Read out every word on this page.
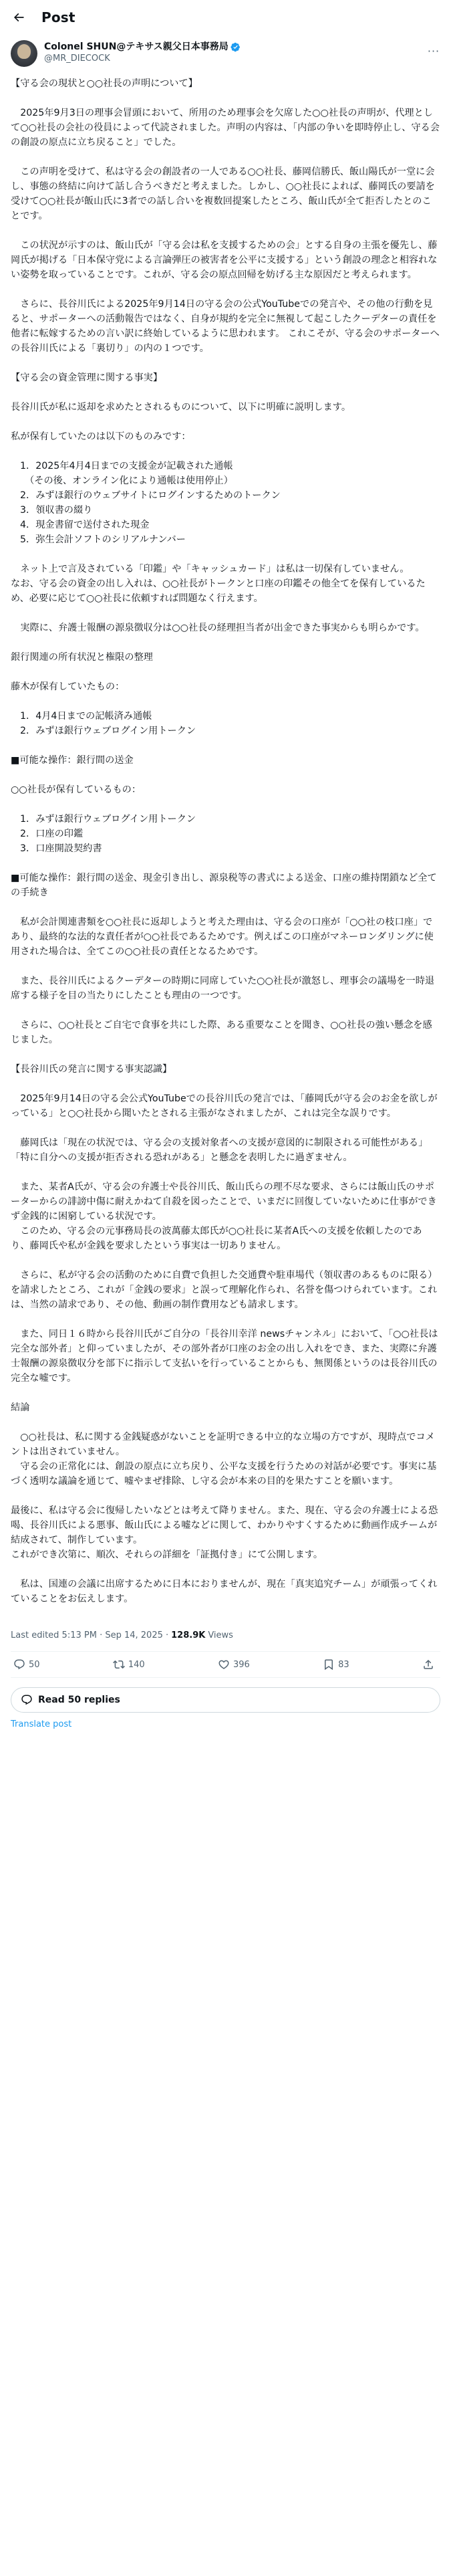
Post
Colonel SHUN@テキサス親父日本事務局
@MR_DIECOCK
···

【守る会の現状と○○社長の声明について】

　2025年9月3日の理事会冒頭において、所用のため理事会を欠席した○○社長の声明が、代理として○○社長の会社の役員によって代読されました。声明の内容は、「内部の争いを即時停止し、守る会の創設の原点に立ち戻ること」でした。

　この声明を受けて、私は守る会の創設者の一人である○○社長、藤岡信勝氏、飯山陽氏が一堂に会し、事態の終結に向けて話し合うべきだと考えました。しかし、○○社長によれば、藤岡氏の要請を受けて○○社長が飯山氏に3者での話し合いを複数回提案したところ、飯山氏が全て拒否したとのことです。

　この状況が示すのは、飯山氏が「守る会は私を支援するための会」とする自身の主張を優先し、藤岡氏が掲げる「日本保守党による言論弾圧の被害者を公平に支援する」という創設の理念と相容れない姿勢を取っていることです。これが、守る会の原点回帰を妨げる主な原因だと考えられます。

　さらに、長谷川氏による2025年9月14日の守る会の公式YouTubeでの発言や、その他の行動を見ると、サポーターへの活動報告ではなく、自身が規約を完全に無視して起こしたクーデターの責任を他者に転嫁するための言い訳に終始しているように思われます。 これこそが、守る会のサポーターへの長谷川氏による「裏切り」の内の１つです。

【守る会の資金管理に関する事実】

長谷川氏が私に返却を求めたとされるものについて、以下に明確に説明します。

私が保有していたのは以下のものみです：

1．2025年4月4日までの支援金が記載された通帳
　（その後、オンライン化により通帳は使用停止）
2．みずほ銀行のウェブサイトにログインするためのトークン
3．領収書の綴り
4．現金書留で送付された現金
5．弥生会計ソフトのシリアルナンバー

　ネット上で言及されている「印鑑」や「キャッシュカード」は私は一切保有していません。
なお、守る会の資金の出し入れは、○○社長がトークンと口座の印鑑その他全てを保有しているため、必要に応じて○○社長に依頼すれば問題なく行えます。

　実際に、弁護士報酬の源泉徴収分は○○社長の経理担当者が出金できた事実からも明らかです。

銀行関連の所有状況と権限の整理

藤木が保有していたもの：

1．4月4日までの記帳済み通帳
2．みずほ銀行ウェブログイン用トークン

■可能な操作：銀行間の送金

○○社長が保有しているもの：

1．みずほ銀行ウェブログイン用トークン
2．口座の印鑑
3．口座開設契約書

■可能な操作：銀行間の送金、現金引き出し、源泉税等の書式による送金、口座の維持閉鎖など全ての手続き

　私が会計関連書類を○○社長に返却しようと考えた理由は、守る会の口座が「○○社の枝口座」であり、最終的な法的な責任者が○○社長であるためです。例えばこの口座がマネーロンダリングに使用された場合は、全てこの○○社長の責任となるためです。

　また、長谷川氏によるクーデターの時期に同席していた○○社長が激怒し、理事会の議場を一時退席する様子を目の当たりにしたことも理由の一つです。

　さらに、○○社長とご自宅で食事を共にした際、ある重要なことを聞き、○○社長の強い懸念を感じました。

【長谷川氏の発言に関する事実認識】

　2025年9月14日の守る会公式YouTubeでの長谷川氏の発言では、「藤岡氏が守る会のお金を欲しがっている」と○○社長から聞いたとされる主張がなされましたが、これは完全な誤りです。

　藤岡氏は「現在の状況では、守る会の支援対象者への支援が意図的に制限される可能性がある」「特に自分への支援が拒否される恐れがある」と懸念を表明したに過ぎません。

　また、某者A氏が、守る会の弁護士や長谷川氏、飯山氏らの理不尽な要求、さらには飯山氏のサポーターからの誹謗中傷に耐えかねて自殺を図ったことで、いまだに回復していないために仕事ができず金銭的に困窮している状況です。
　このため、守る会の元事務局長の波萬藤太郎氏が○○社長に某者A氏への支援を依頼したのであり、藤岡氏や私が金銭を要求したという事実は一切ありません。

　さらに、私が守る会の活動のために自費で負担した交通費や駐車場代（領収書のあるものに限る）を請求したところ、これが「金銭の要求」と誤って理解化作られ、名誉を傷つけられています。これは、当然の請求であり、その他、動画の制作費用なども請求します。

　また、同日１６時から長谷川氏がご自分の「長谷川幸洋 newsチャンネル」において、「○○社長は完全な部外者」と仰っていましたが、その部外者が口座のお金の出し入れをでき、また、実際に弁護士報酬の源泉徴収分を部下に指示して支払いを行っていることからも、無関係というのは長谷川氏の完全な嘘です。

結論

　○○社長は、私に関する金銭疑惑がないことを証明できる中立的な立場の方ですが、現時点でコメントは出されていません。
　守る会の正常化には、創設の原点に立ち戻り、公平な支援を行うための対話が必要です。事実に基づく透明な議論を通じて、嘘やまぜ排除、し守る会が本来の目的を果たすことを願います。

最後に、私は守る会に復帰したいなどとは考えて降りません。また、現在、守る会の弁護士による恐喝、長谷川氏による悪事、飯山氏による嘘などに関して、わかりやすくするために動画作成チームが結成されて、制作しています。
これができ次第に、順次、それらの詳細を「証拠付き」にて公開します。

　私は、国連の会議に出席するために日本におりませんが、現在「真実追究チーム」が頑張ってくれていることをお伝えします。

Last edited 5:13 PM · Sep 14, 2025 · 128.9K Views
50	140	396	83
Read 50 replies
Translate post
